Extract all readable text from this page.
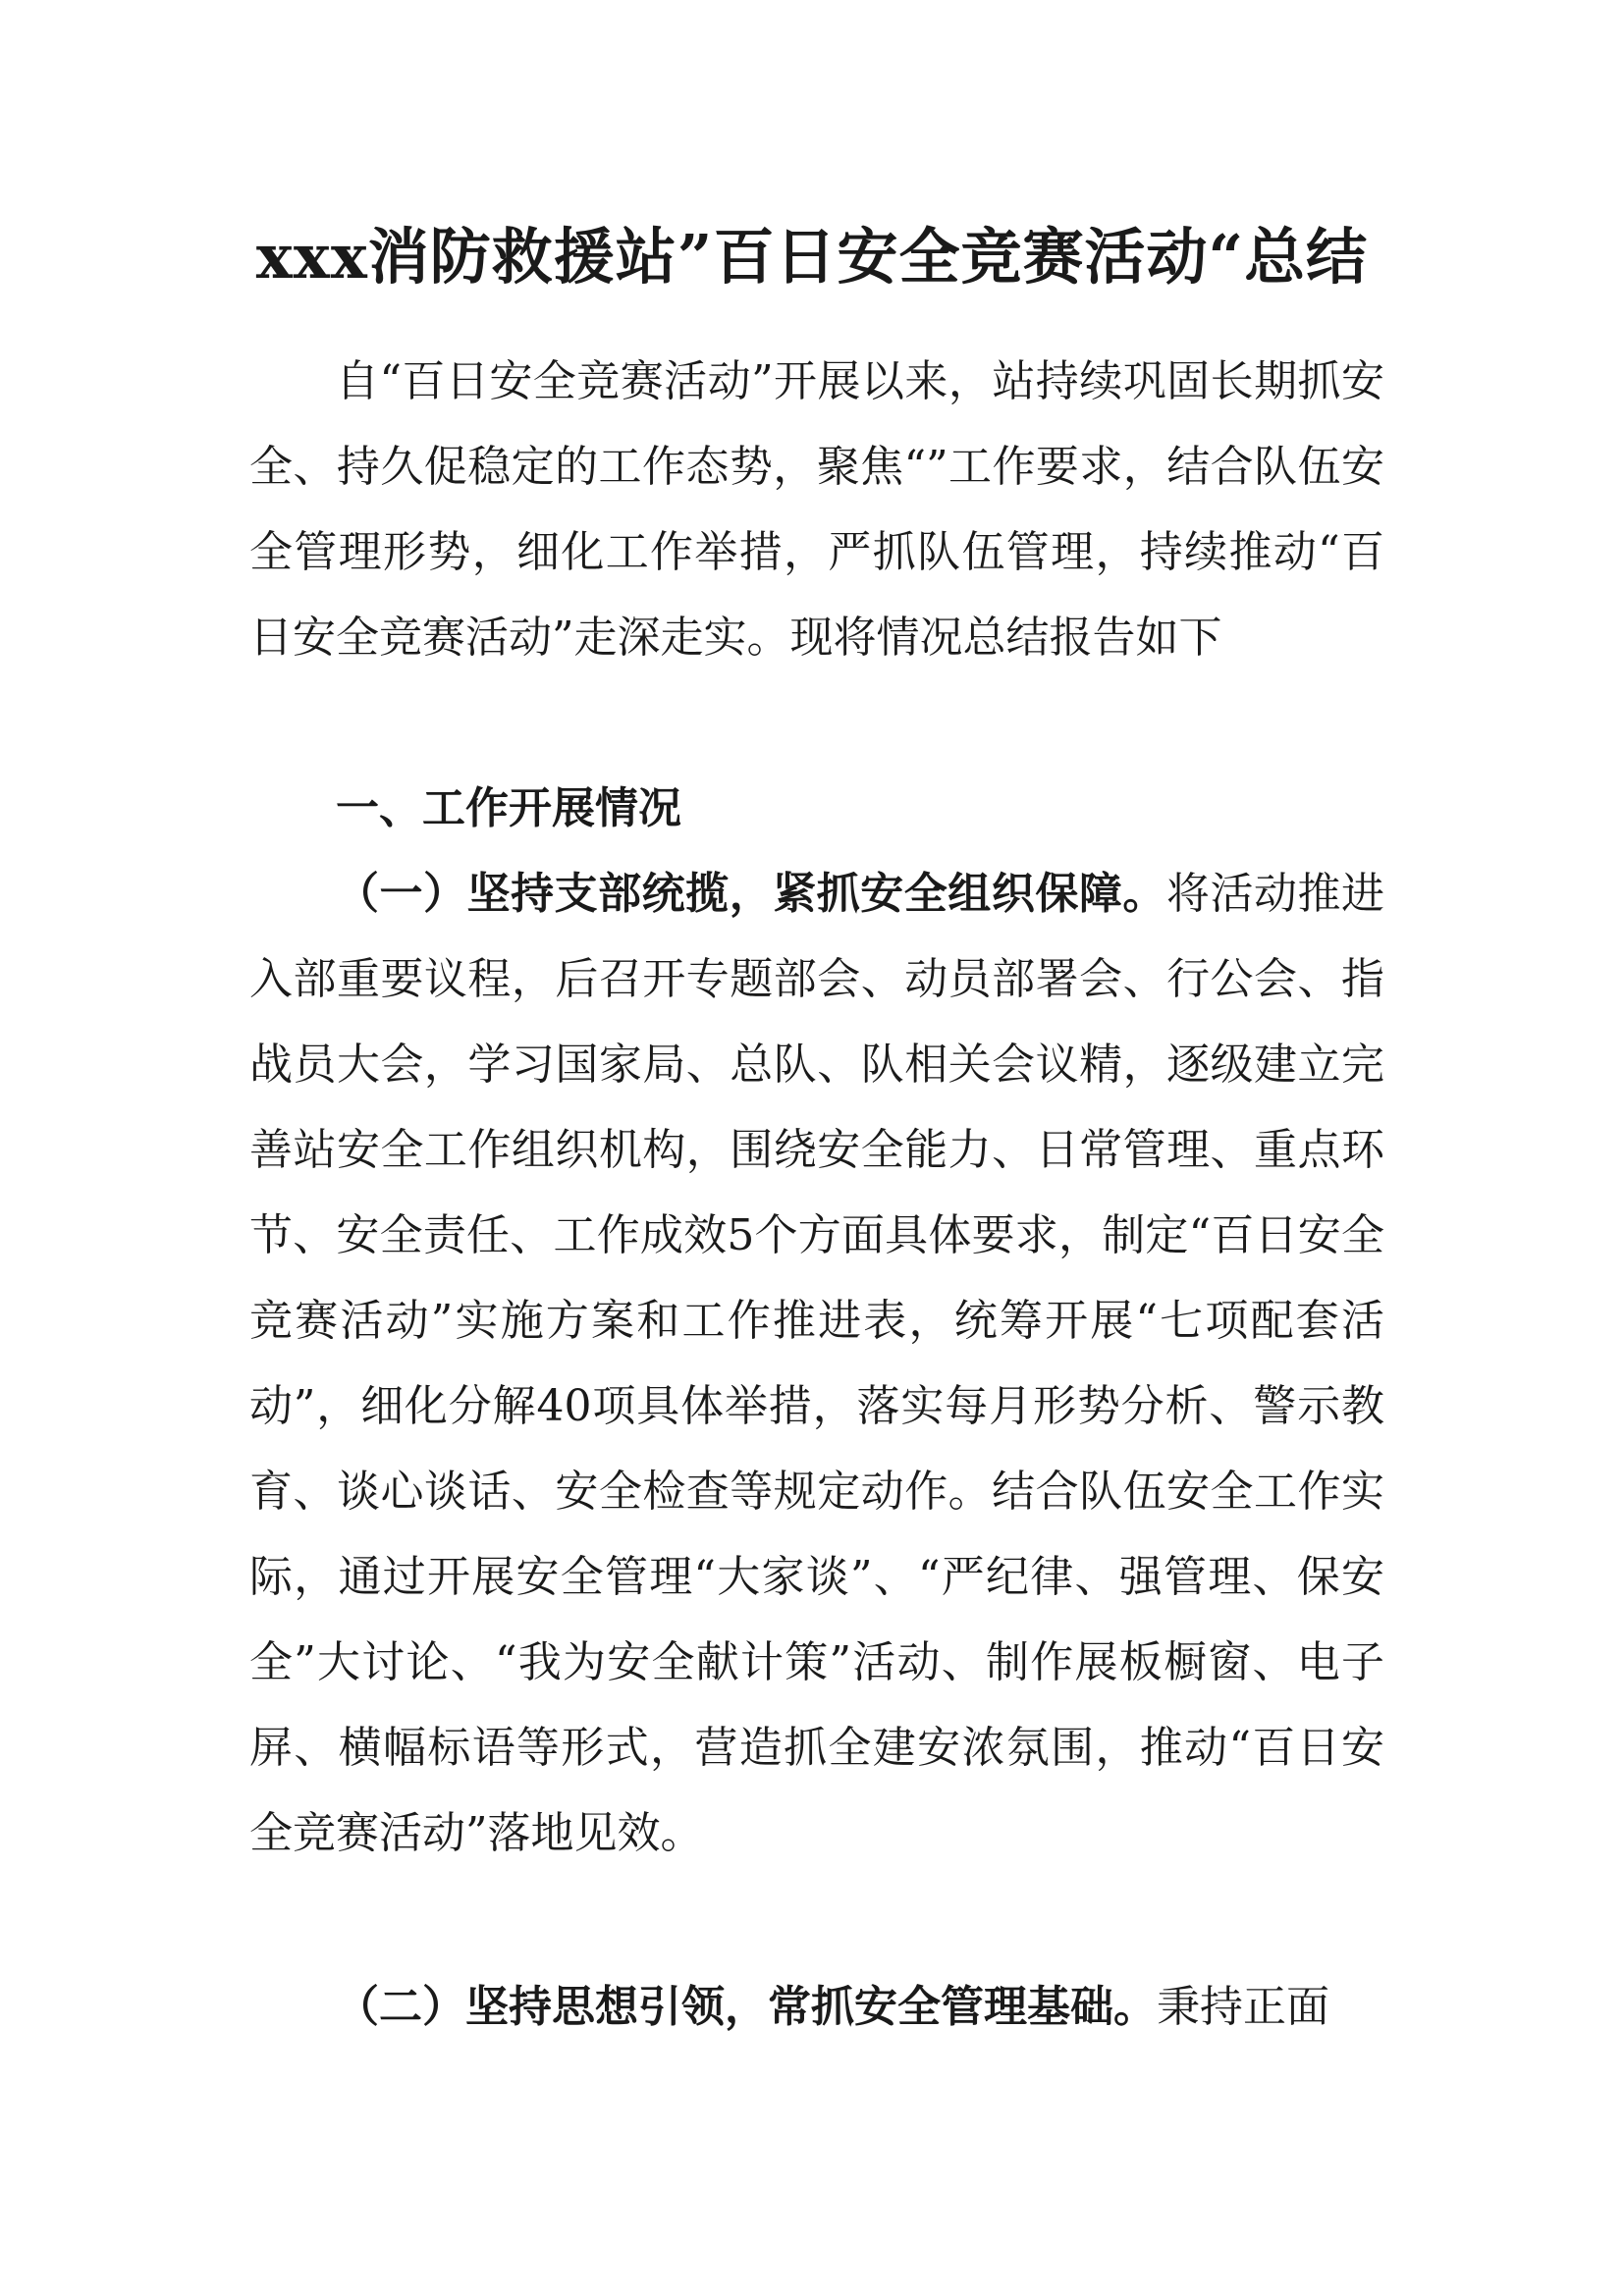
xxx消防救援站”百日安全竞赛活动“总结

自“百日安全竞赛活动”开展以来，站持续巩固长期抓安全、持久促稳定的工作态势，聚焦“”工作要求，结合队伍安全管理形势，细化工作举措，严抓队伍管理，持续推动“百日安全竞赛活动”走深走实。现将情况总结报告如下

一、工作开展情况

（一）坚持支部统揽，紧抓安全组织保障。将活动推进入部重要议程，后召开专题部会、动员部署会、行公会、指战员大会，学习国家局、总队、队相关会议精，逐级建立完善站安全工作组织机构，围绕安全能力、日常管理、重点环节、安全责任、工作成效5个方面具体要求，制定“百日安全竞赛活动”实施方案和工作推进表，统筹开展“七项配套活动”，细化分解40项具体举措，落实每月形势分析、警示教育、谈心谈话、安全检查等规定动作。结合队伍安全工作实际，通过开展安全管理“大家谈”、“严纪律、强管理、保安全”大讨论、“我为安全献计策”活动、制作展板橱窗、电子屏、横幅标语等形式，营造抓全建安浓氛围，推动“百日安全竞赛活动”落地见效。

（二）坚持思想引领，常抓安全管理基础。秉持正面
